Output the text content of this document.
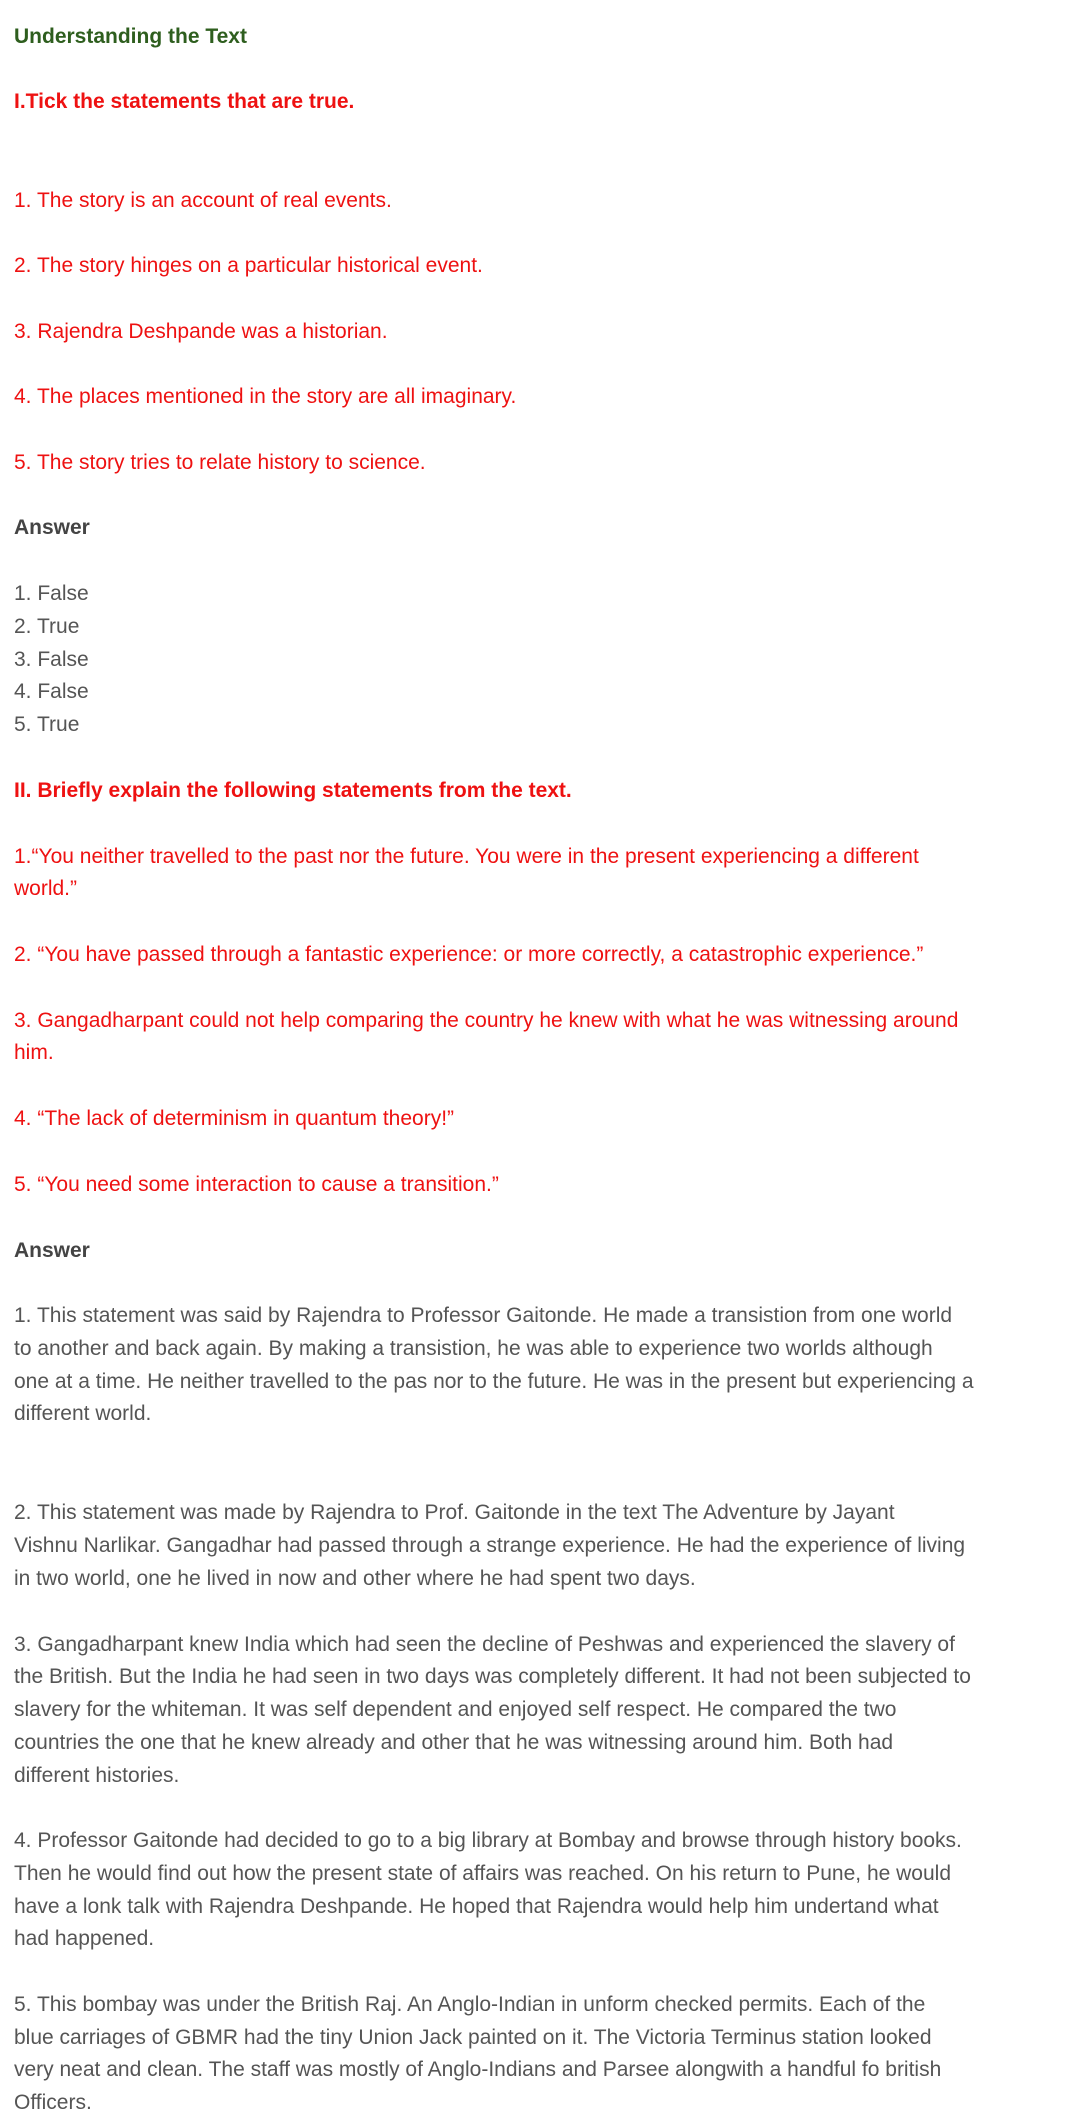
Understanding the Text
I.Tick the statements that are true.

1. The story is an account of real events.

2. The story hinges on a particular historical event.

3. Rajendra Deshpande was a historian.

4. The places mentioned in the story are all imaginary.

5. The story tries to relate history to science.

Answer

1. False

2. True

3. False

4. False

5. True

II. Briefly explain the following statements from the text.

1.“You neither travelled to the past nor the future. You were in the present experiencing a different

world.”

2. “You have passed through a fantastic experience: or more correctly, a catastrophic experience.”

3. Gangadharpant could not help comparing the country he knew with what he was witnessing around

him.

4. “The lack of determinism in quantum theory!”

5. “You need some interaction to cause a transition.”

Answer

1. This statement was said by Rajendra to Professor Gaitonde. He made a transistion from one world

to another and back again. By making a transistion, he was able to experience two worlds although

one at a time. He neither travelled to the pas nor to the future. He was in the present but experiencing a

different world.

2. This statement was made by Rajendra to Prof. Gaitonde in the text The Adventure by Jayant

Vishnu Narlikar. Gangadhar had passed through a strange experience. He had the experience of living

in two world, one he lived in now and other where he had spent two days.

3. Gangadharpant knew India which had seen the decline of Peshwas and experienced the slavery of

the British. But the India he had seen in two days was completely different. It had not been subjected to

slavery for the whiteman. It was self dependent and enjoyed self respect. He compared the two

countries the one that he knew already and other that he was witnessing around him. Both had

different histories.

4. Professor Gaitonde had decided to go to a big library at Bombay and browse through history books.

Then he would find out how the present state of affairs was reached. On his return to Pune, he would

have a lonk talk with Rajendra Deshpande. He hoped that Rajendra would help him undertand what

had happened.

5. This bombay was under the British Raj. An Anglo-Indian in unform checked permits. Each of the

blue carriages of GBMR had the tiny Union Jack painted on it. The Victoria Terminus station looked

very neat and clean. The staff was mostly of Anglo-Indians and Parsee alongwith a handful fo british

Officers.
